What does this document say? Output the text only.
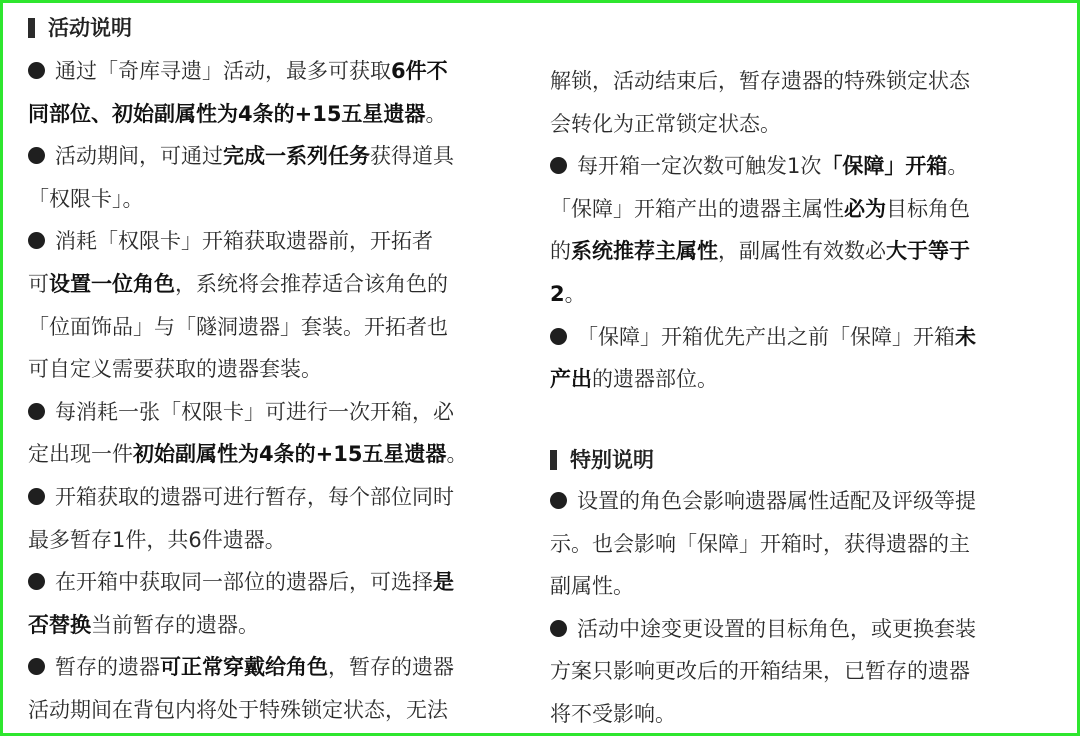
活动说明
通过「奇库寻遗」活动，最多可获取6件不
同部位、初始副属性为4条的+15五星遗器。
活动期间，可通过完成一系列任务获得道具
「权限卡」。
消耗「权限卡」开箱获取遗器前，开拓者
可设置一位角色，系统将会推荐适合该角色的
「位面饰品」与「隧洞遗器」套装。开拓者也
可自定义需要获取的遗器套装。
每消耗一张「权限卡」可进行一次开箱，必
定出现一件初始副属性为4条的+15五星遗器。
开箱获取的遗器可进行暂存，每个部位同时
最多暂存1件，共6件遗器。
在开箱中获取同一部位的遗器后，可选择是
否替换当前暂存的遗器。
暂存的遗器可正常穿戴给角色，暂存的遗器
活动期间在背包内将处于特殊锁定状态，无法
解锁，活动结束后，暂存遗器的特殊锁定状态
会转化为正常锁定状态。
每开箱一定次数可触发1次「保障」开箱。
「保障」开箱产出的遗器主属性必为目标角色
的系统推荐主属性，副属性有效数必大于等于
2。
「保障」开箱优先产出之前「保障」开箱未
产出的遗器部位。
特别说明
设置的角色会影响遗器属性适配及评级等提
示。也会影响「保障」开箱时，获得遗器的主
副属性。
活动中途变更设置的目标角色，或更换套装
方案只影响更改后的开箱结果，已暂存的遗器
将不受影响。
